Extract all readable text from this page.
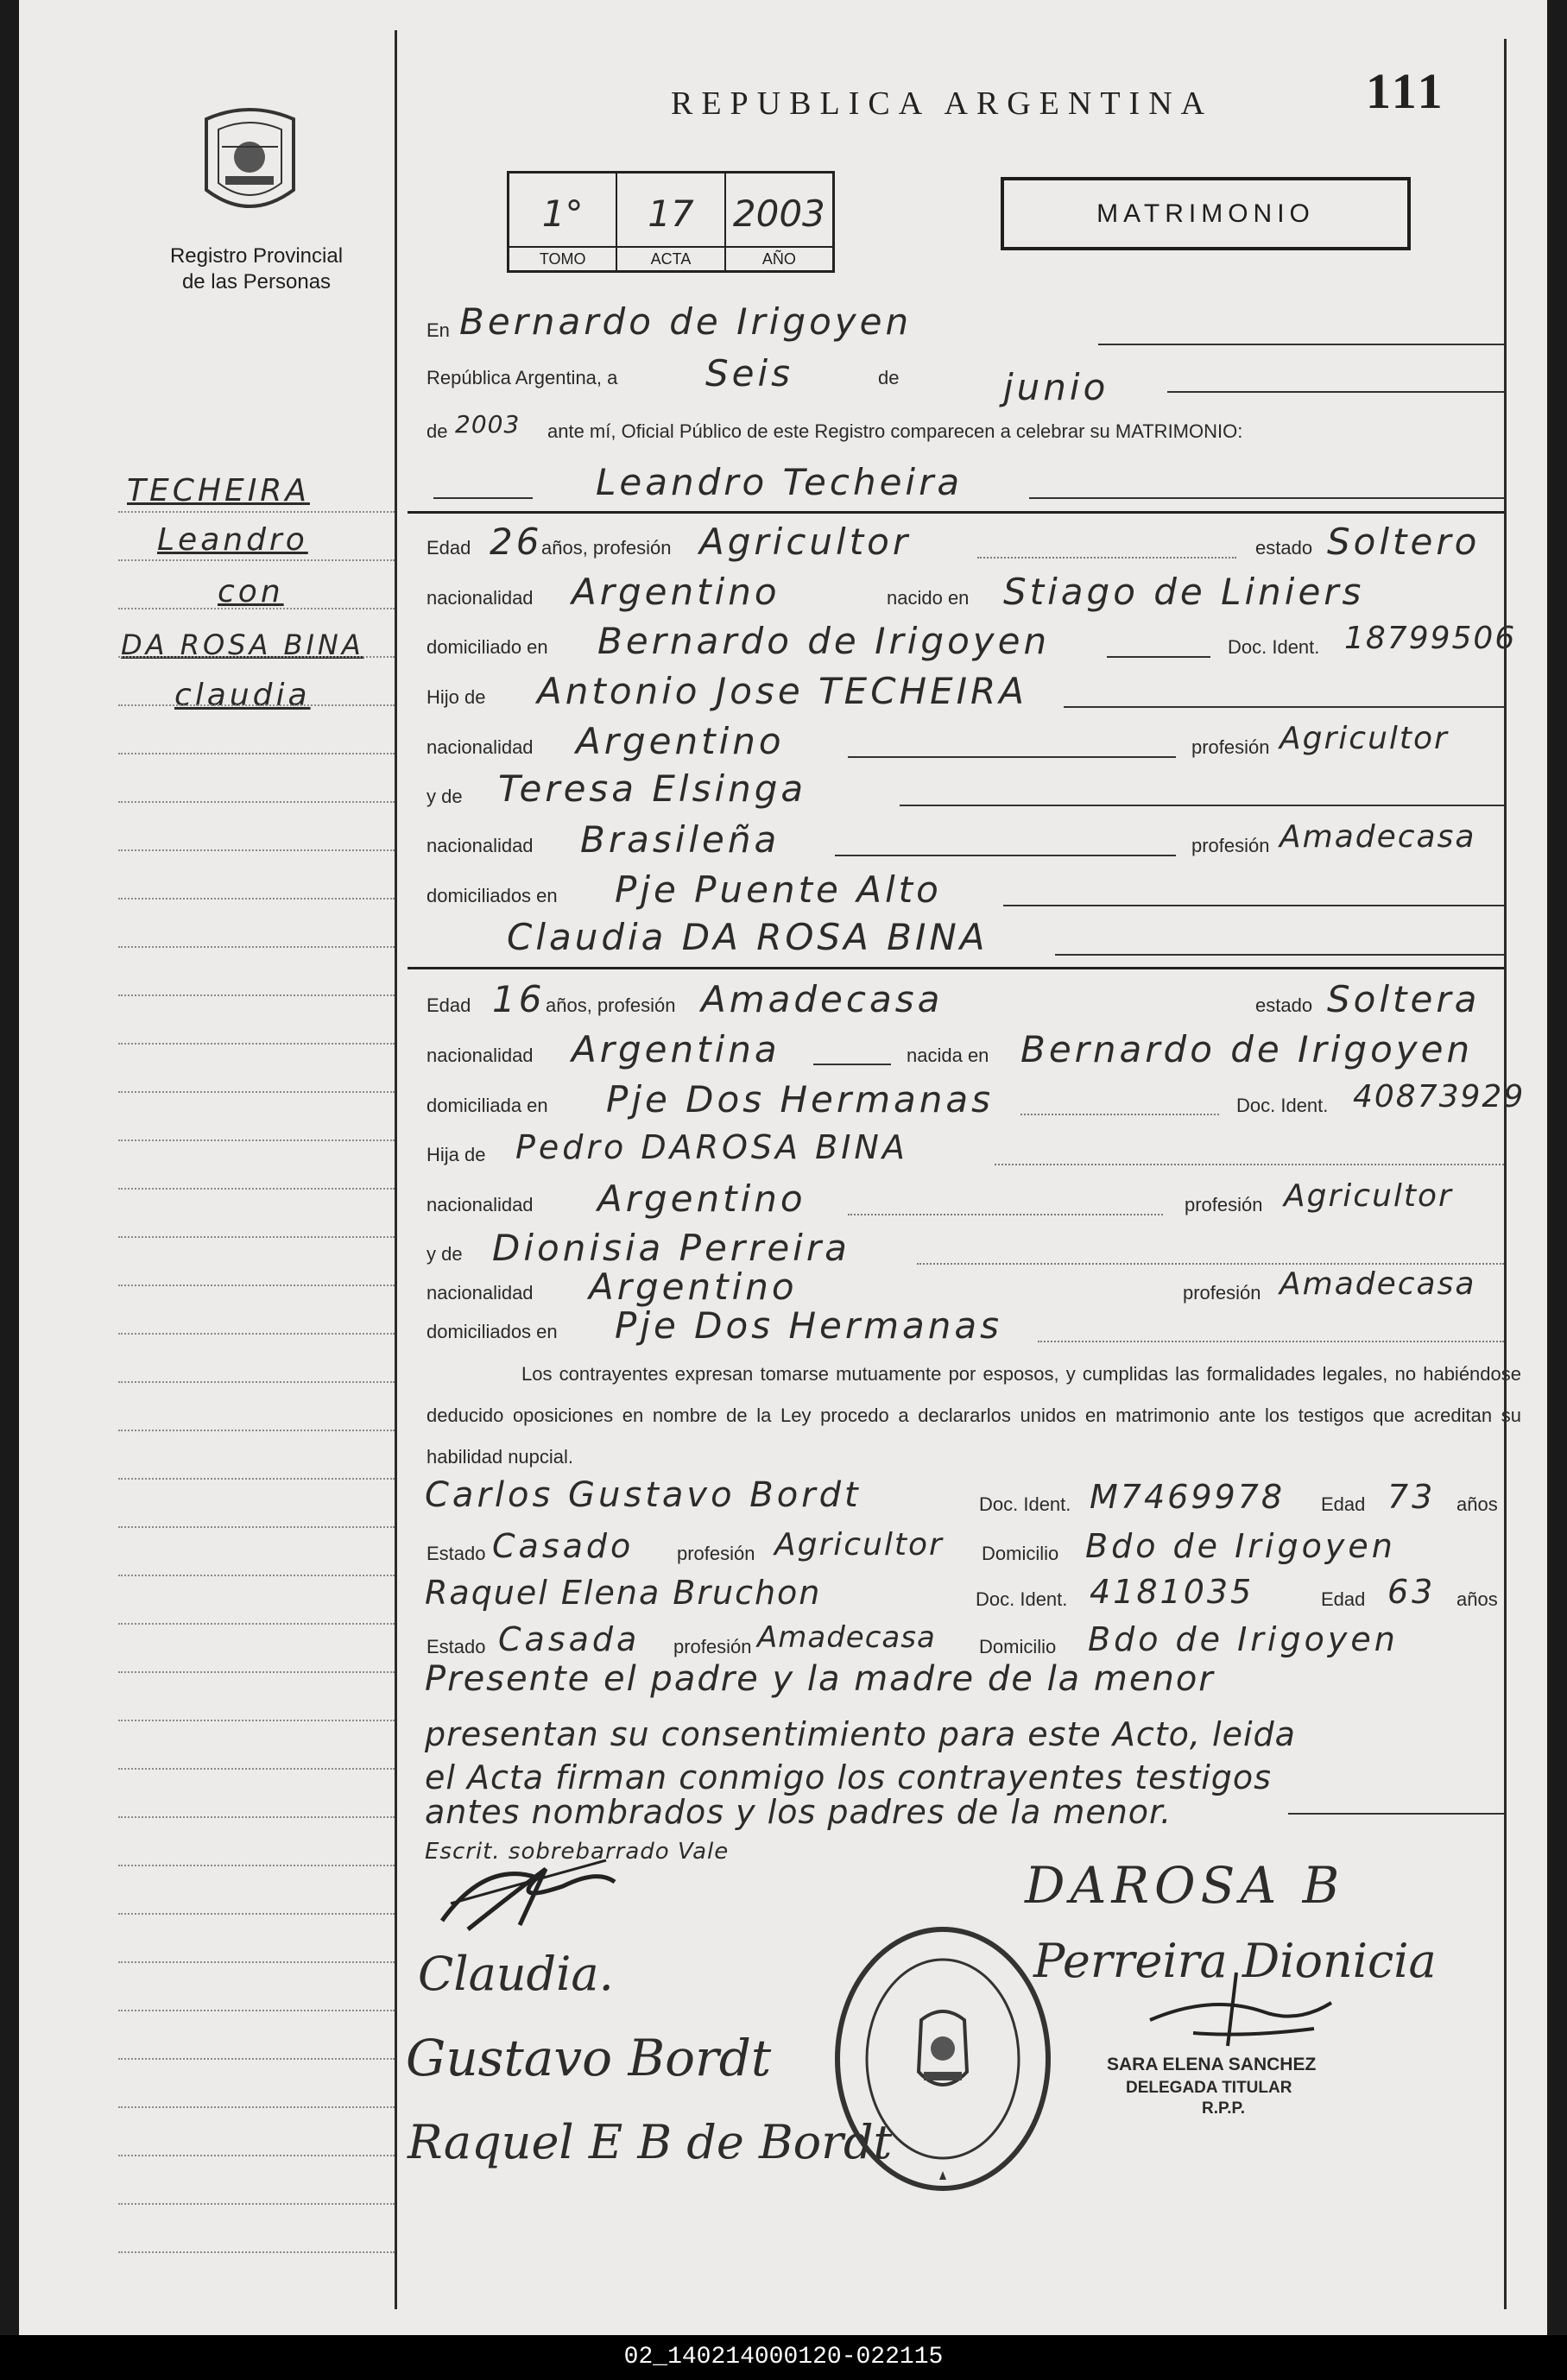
REPUBLICA ARGENTINA	111
Registro Provincial de las Personas
1°
TOMO
17
ACTA
2003
AÑO
MATRIMONIO
TECHEIRA
Leandro
con
DA ROSA BINA
claudia
En Bernardo de Irigoyen
República Argentina, a Seis	de	junio
de 2003 ante mí, Oficial Público de este Registro comparecen a celebrar su MATRIMONIO:
Leandro Techeira
Edad 26
años, profesión Agricultor	estado Soltero
nacionalidad Argentino	nacido en Stiago de Liniers
domiciliado en Bernardo de Irigoyen	Doc. Ident. 18799506
Hijo de Antonio Jose TECHEIRA
nacionalidad Argentino	profesión Agricultor
y de Teresa Elsinga
nacionalidad Brasileña	profesión Amadecasa
domiciliados en Pje Puente Alto
Claudia DA ROSA BINA
Edad 16 años, profesión Amadecasa	estado Soltera
nacionalidad Argentina	nacida en Bernardo de Irigoyen
domiciliada en Pje Dos Hermanas	Doc. Ident. 40873929
Hija de Pedro DAROSA BINA
nacionalidad Argentino	profesión Agricultor
y de Dionisia Perreira
nacionalidad Argentino	profesión Amadecasa
domiciliados en Pje Dos Hermanas
Los contrayentes expresan tomarse mutuamente por esposos, y cumplidas las formalidades legales, no habiéndose deducido oposiciones en nombre de la Ley procedo a declararlos unidos en matrimonio ante los testigos que acreditan su habilidad nupcial.
Carlos Gustavo Bordt	Doc. Ident. M7469978 Edad 73 años
Estado Casado profesión Agricultor Domicilio Bdo de Irigoyen
Raquel Elena Bruchon	Doc. Ident. 4181035	Edad 63 años
Estado Casada profesión Amadecasa Domicilio Bdo de Irigoyen
Presente el padre y la madre de la menor
presentan su consentimiento para este Acto, leida
el Acta firman conmigo los contrayentes testigos
antes nombrados y los padres de la menor.
Escrit. sobrebarrado Vale
DAROSA B
Claudia.	Perreira Dionicia
Gustavo Bordt
Raquel E B de Bordt
SARA ELENA SANCHEZ
DELEGADA TITULAR
R.P.P.
02_140214000120-022115
